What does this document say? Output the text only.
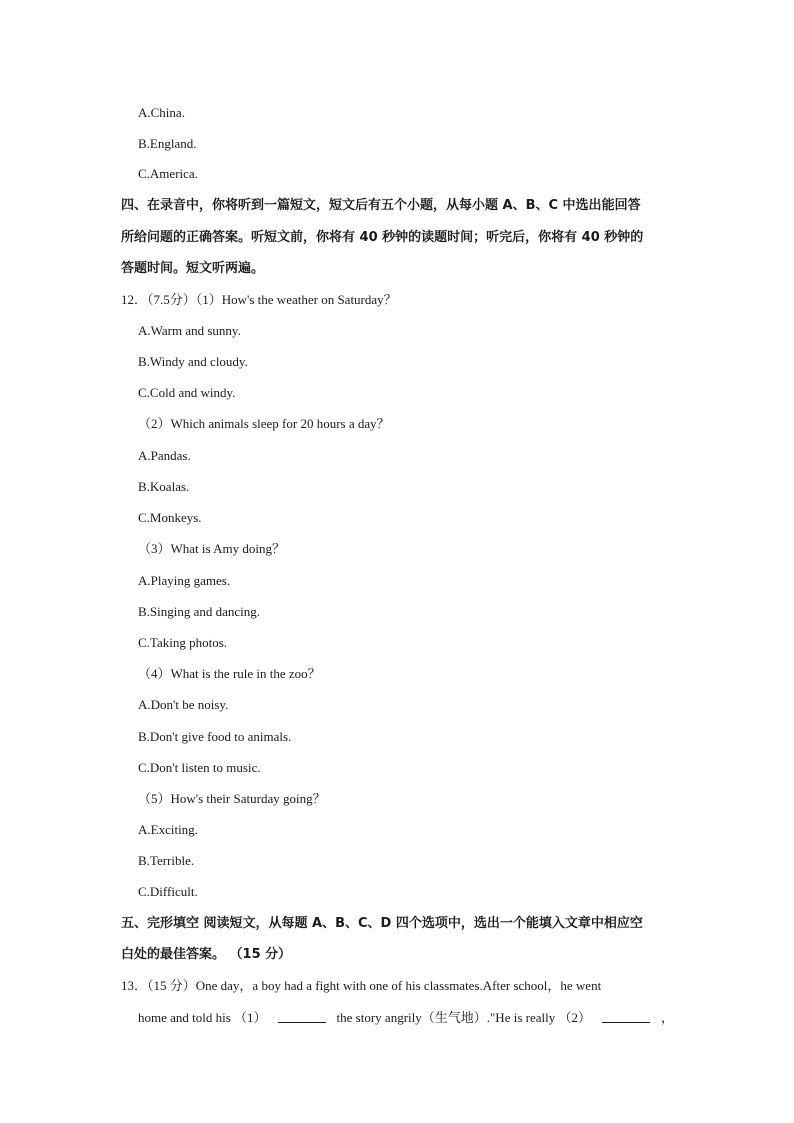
A.China.
B.England.
C.America.
四、在录音中，你将听到一篇短文，短文后有五个小题，从每小题 A、B、C 中选出能回答
所给问题的正确答案。听短文前，你将有 40 秒钟的读题时间；听完后，你将有 40 秒钟的
答题时间。短文听两遍。
12．（7.5分）（1）How's the weather on Saturday？
A.Warm and sunny.
B.Windy and cloudy.
C.Cold and windy.
（2）Which animals sleep for 20 hours a day？
A.Pandas.
B.Koalas.
C.Monkeys.
（3）What is Amy doing？
A.Playing games.
B.Singing and dancing.
C.Taking photos.
（4）What is the rule in the zoo？
A.Don't be noisy.
B.Don't give food to animals.
C.Don't listen to music.
（5）How's their Saturday going？
A.Exciting.
B.Terrible.
C.Difficult.
五、完形填空 阅读短文，从每题 A、B、C、D 四个选项中，选出一个能填入文章中相应空
白处的最佳答案。 （15 分）
13．（15 分）One day，a boy had a fight with one of his classmates.After school，he went
home and told his （1）	the story angrily（生气地）."He is really （2）	，
